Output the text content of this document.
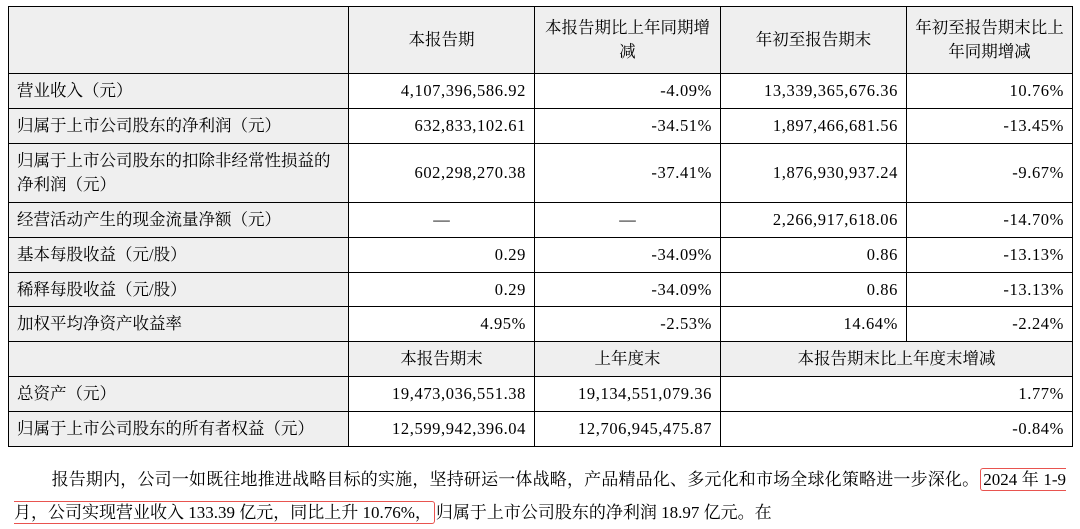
	本报告期	本报告期比上年同期增减	年初至报告期末	年初至报告期末比上年同期增减
营业收入（元）	4,107,396,586.92	-4.09%	13,339,365,676.36	10.76%
归属于上市公司股东的净利润（元）	632,833,102.61	-34.51%	1,897,466,681.56	-13.45%
归属于上市公司股东的扣除非经常性损益的净利润（元）	602,298,270.38	-37.41%	1,876,930,937.24	-9.67%
经营活动产生的现金流量净额（元）	—	—	2,266,917,618.06	-14.70%
基本每股收益（元/股）	0.29	-34.09%	0.86	-13.13%
稀释每股收益（元/股）	0.29	-34.09%	0.86	-13.13%
加权平均净资产收益率	4.95%	-2.53%	14.64%	-2.24%
	本报告期末	上年度末	本报告期末比上年度末增减	
总资产（元）	19,473,036,551.38	19,134,551,079.36	1.77%	
归属于上市公司股东的所有者权益（元）	12,599,942,396.04	12,706,945,475.87	-0.84%	
报告期内，公司一如既往地推进战略目标的实施，坚持研运一体战略，产品精品化、多元化和市场全球化策略进一步深化。 2024 年 1-9 月，公司实现营业收入 133.39 亿元，同比上升 10.76%， 归属于上市公司股东的净利润 18.97 亿元。在
